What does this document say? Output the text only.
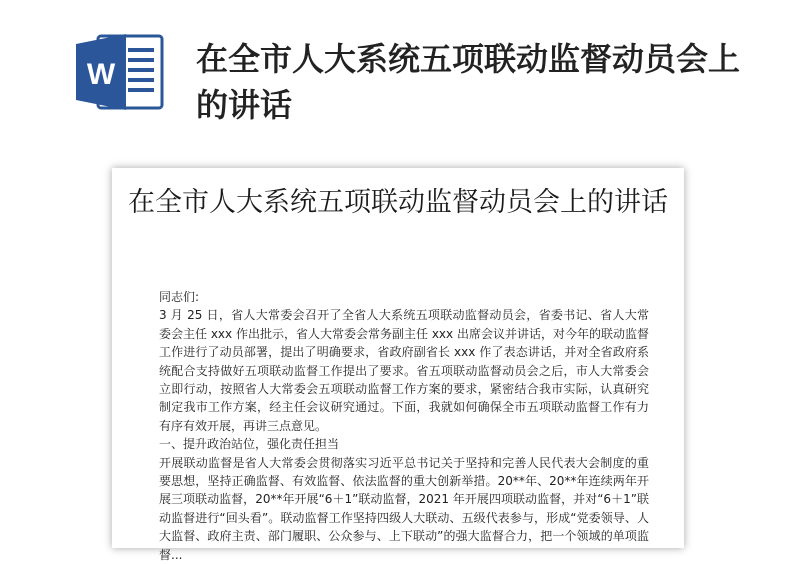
W	在全市人大系统五项联动监督动员会上的讲话
在全市人大系统五项联动监督动员会上的讲话

同志们:

3 月 25 日，省人大常委会召开了全省人大系统五项联动监督动员会，省委书记、省人大常委会主任 xxx 作出批示，省人大常委会常务副主任 xxx 出席会议并讲话，对今年的联动监督工作进行了动员部署，提出了明确要求，省政府副省长 xxx 作了表态讲话，并对全省政府系统配合支持做好五项联动监督工作提出了要求。省五项联动监督动员会之后，市人大常委会立即行动，按照省人大常委会五项联动监督工作方案的要求，紧密结合我市实际，认真研究制定我市工作方案，经主任会议研究通过。下面，我就如何确保全市五项联动监督工作有力有序有效开展，再讲三点意见。

一、提升政治站位，强化责任担当

开展联动监督是省人大常委会贯彻落实习近平总书记关于坚持和完善人民代表大会制度的重要思想，坚持正确监督、有效监督、依法监督的重大创新举措。20**年、20**年连续两年开展三项联动监督，20**年开展“6＋1”联动监督，2021 年开展四项联动监督，并对“6＋1”联动监督进行“回头看”。联动监督工作坚持四级人大联动、五级代表参与，形成“党委领导、人大监督、政府主责、部门履职、公众参与、上下联动”的强大监督合力，把一个领域的单项监督...
